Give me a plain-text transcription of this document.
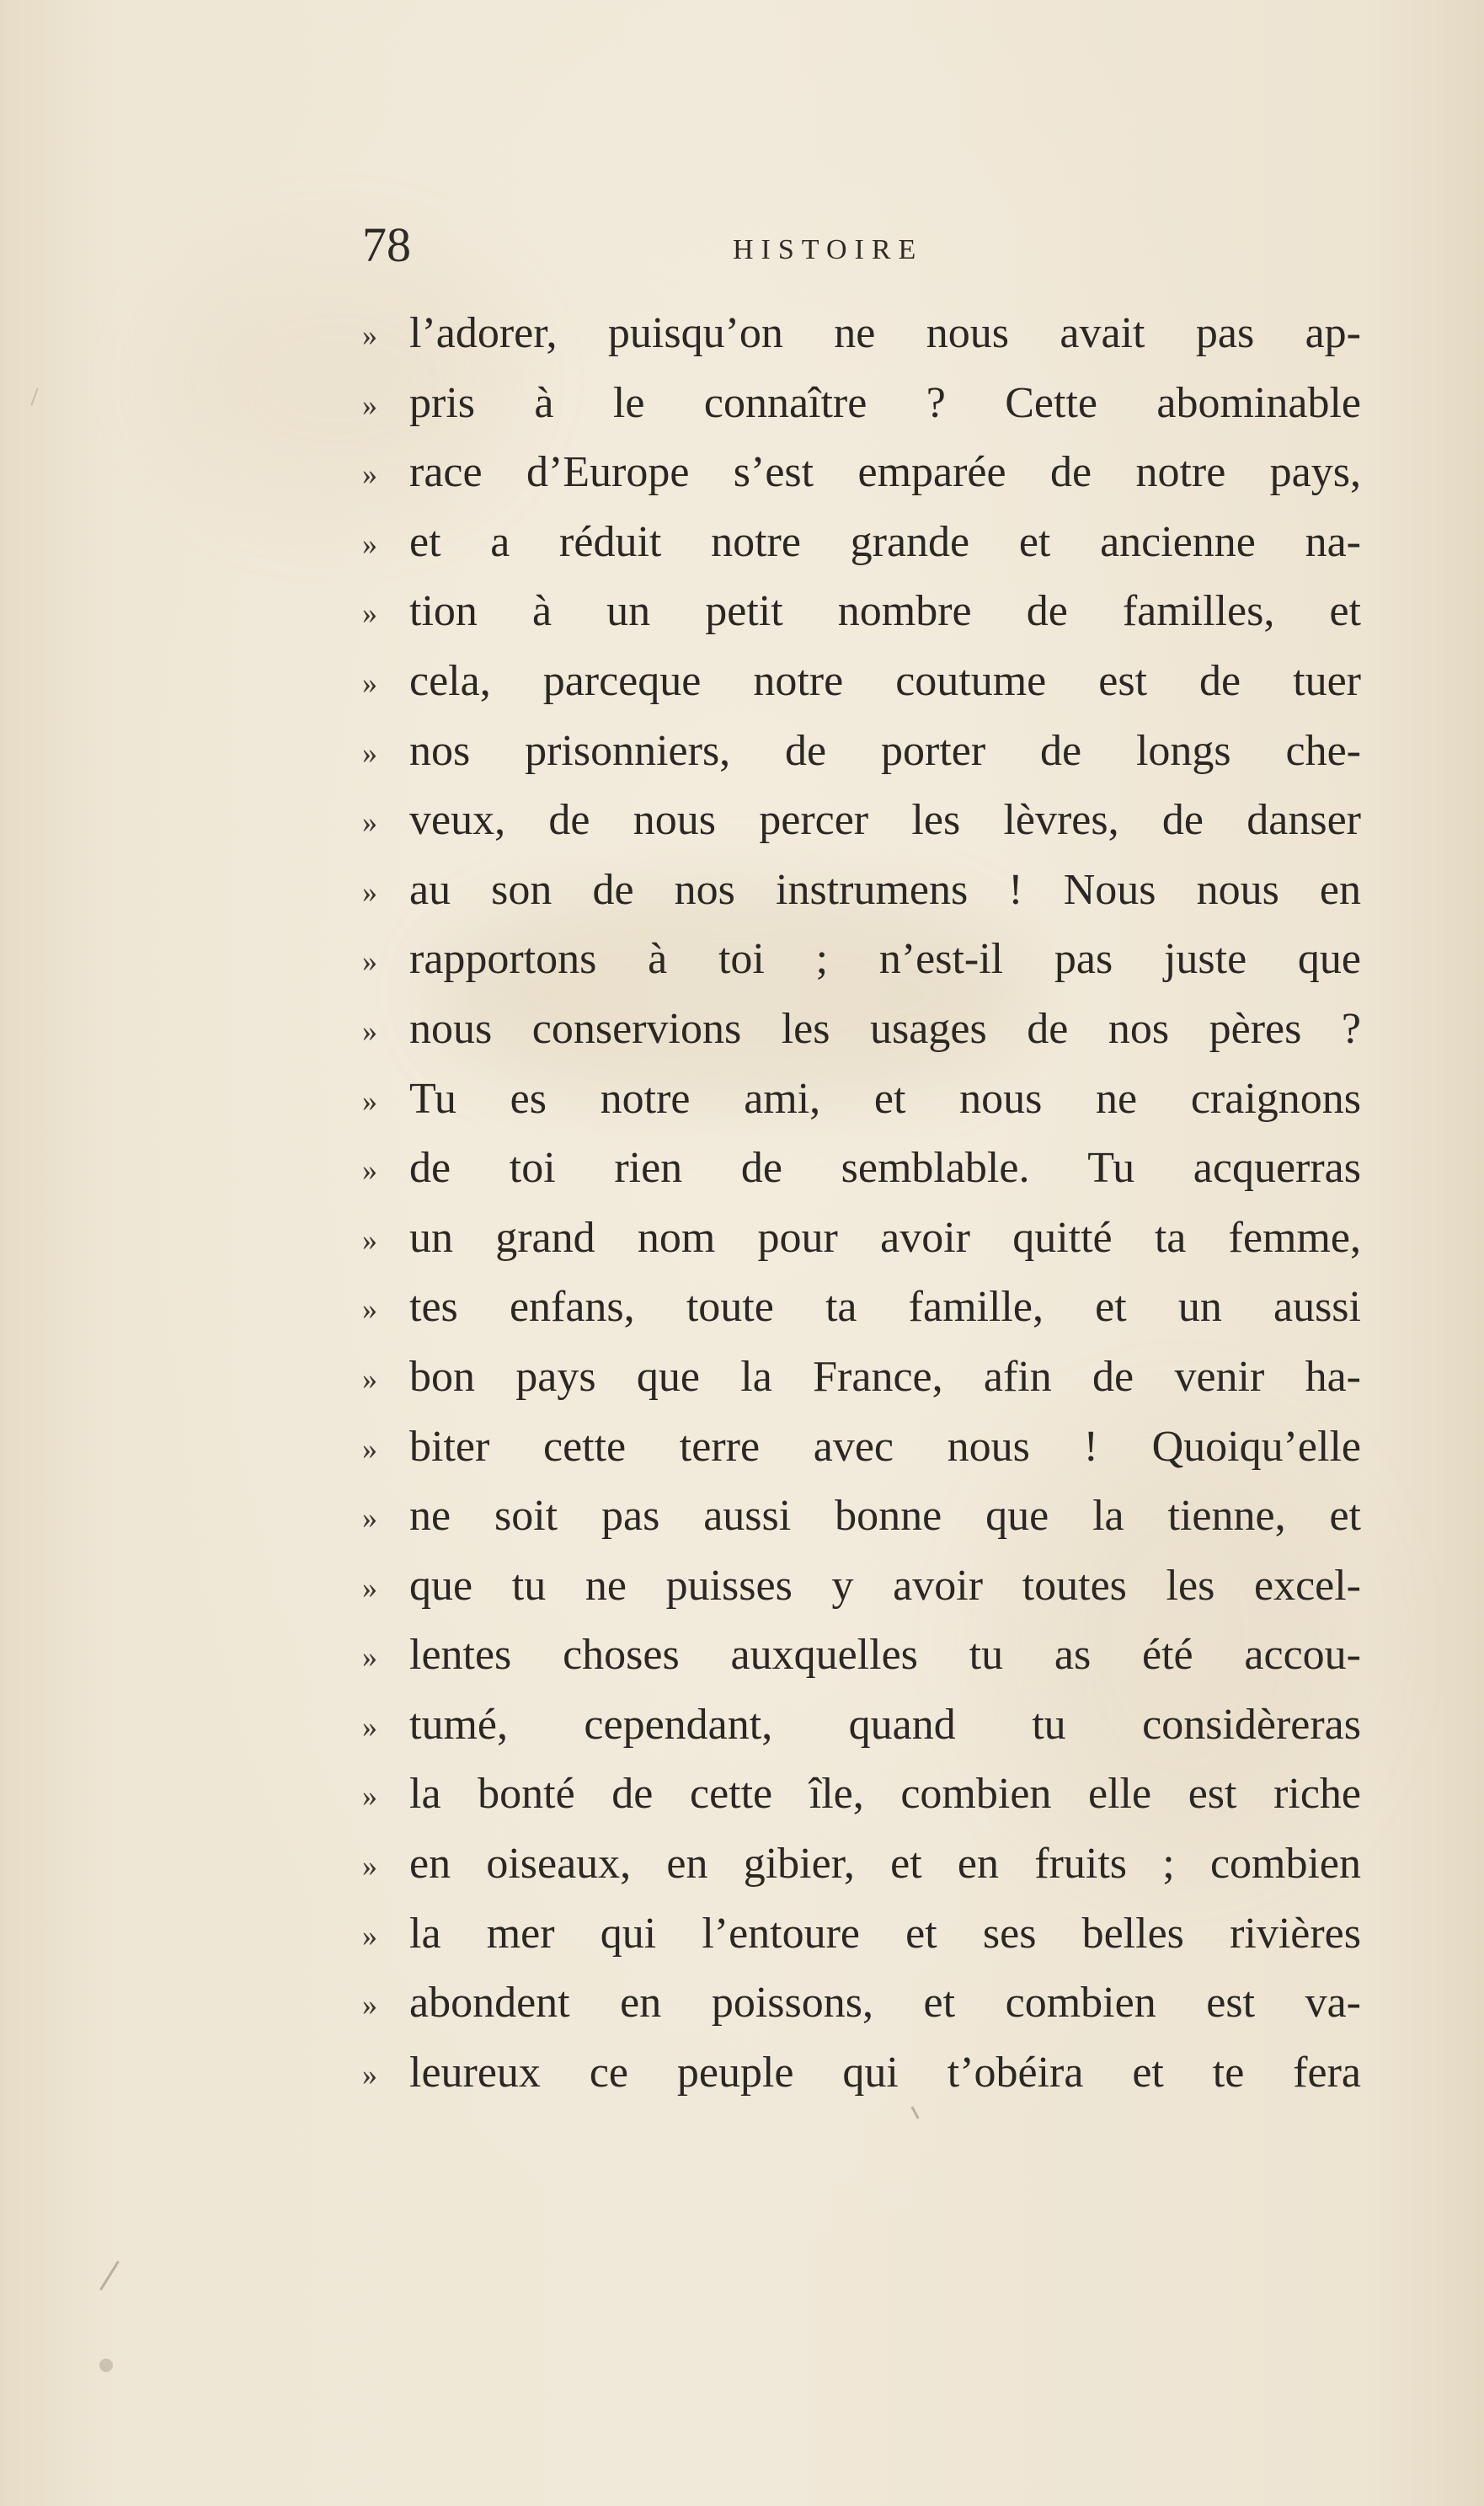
78	HISTOIRE
» l’adorer, puisqu’on ne nous avait pas ap-
» pris à le connaître ? Cette abominable
» race d’Europe s’est emparée de notre pays,
» et a réduit notre grande et ancienne na-
» tion à un petit nombre de familles, et
» cela, parceque notre coutume est de tuer
» nos prisonniers, de porter de longs che-
» veux, de nous percer les lèvres, de danser
» au son de nos instrumens ! Nous nous en
» rapportons à toi ; n’est-il pas juste que
» nous conservions les usages de nos pères ?
» Tu es notre ami, et nous ne craignons
» de toi rien de semblable. Tu acquerras
» un grand nom pour avoir quitté ta femme,
» tes enfans, toute ta famille, et un aussi
» bon pays que la France, afin de venir ha-
» biter cette terre avec nous ! Quoiqu’elle
» ne soit pas aussi bonne que la tienne, et
» que tu ne puisses y avoir toutes les excel-
» lentes choses auxquelles tu as été accou-
» tumé, cependant, quand tu considèreras
» la bonté de cette île, combien elle est riche
» en oiseaux, en gibier, et en fruits ; combien
» la mer qui l’entoure et ses belles rivières
» abondent en poissons, et combien est va-
» leureux ce peuple qui t’obéira et te fera
